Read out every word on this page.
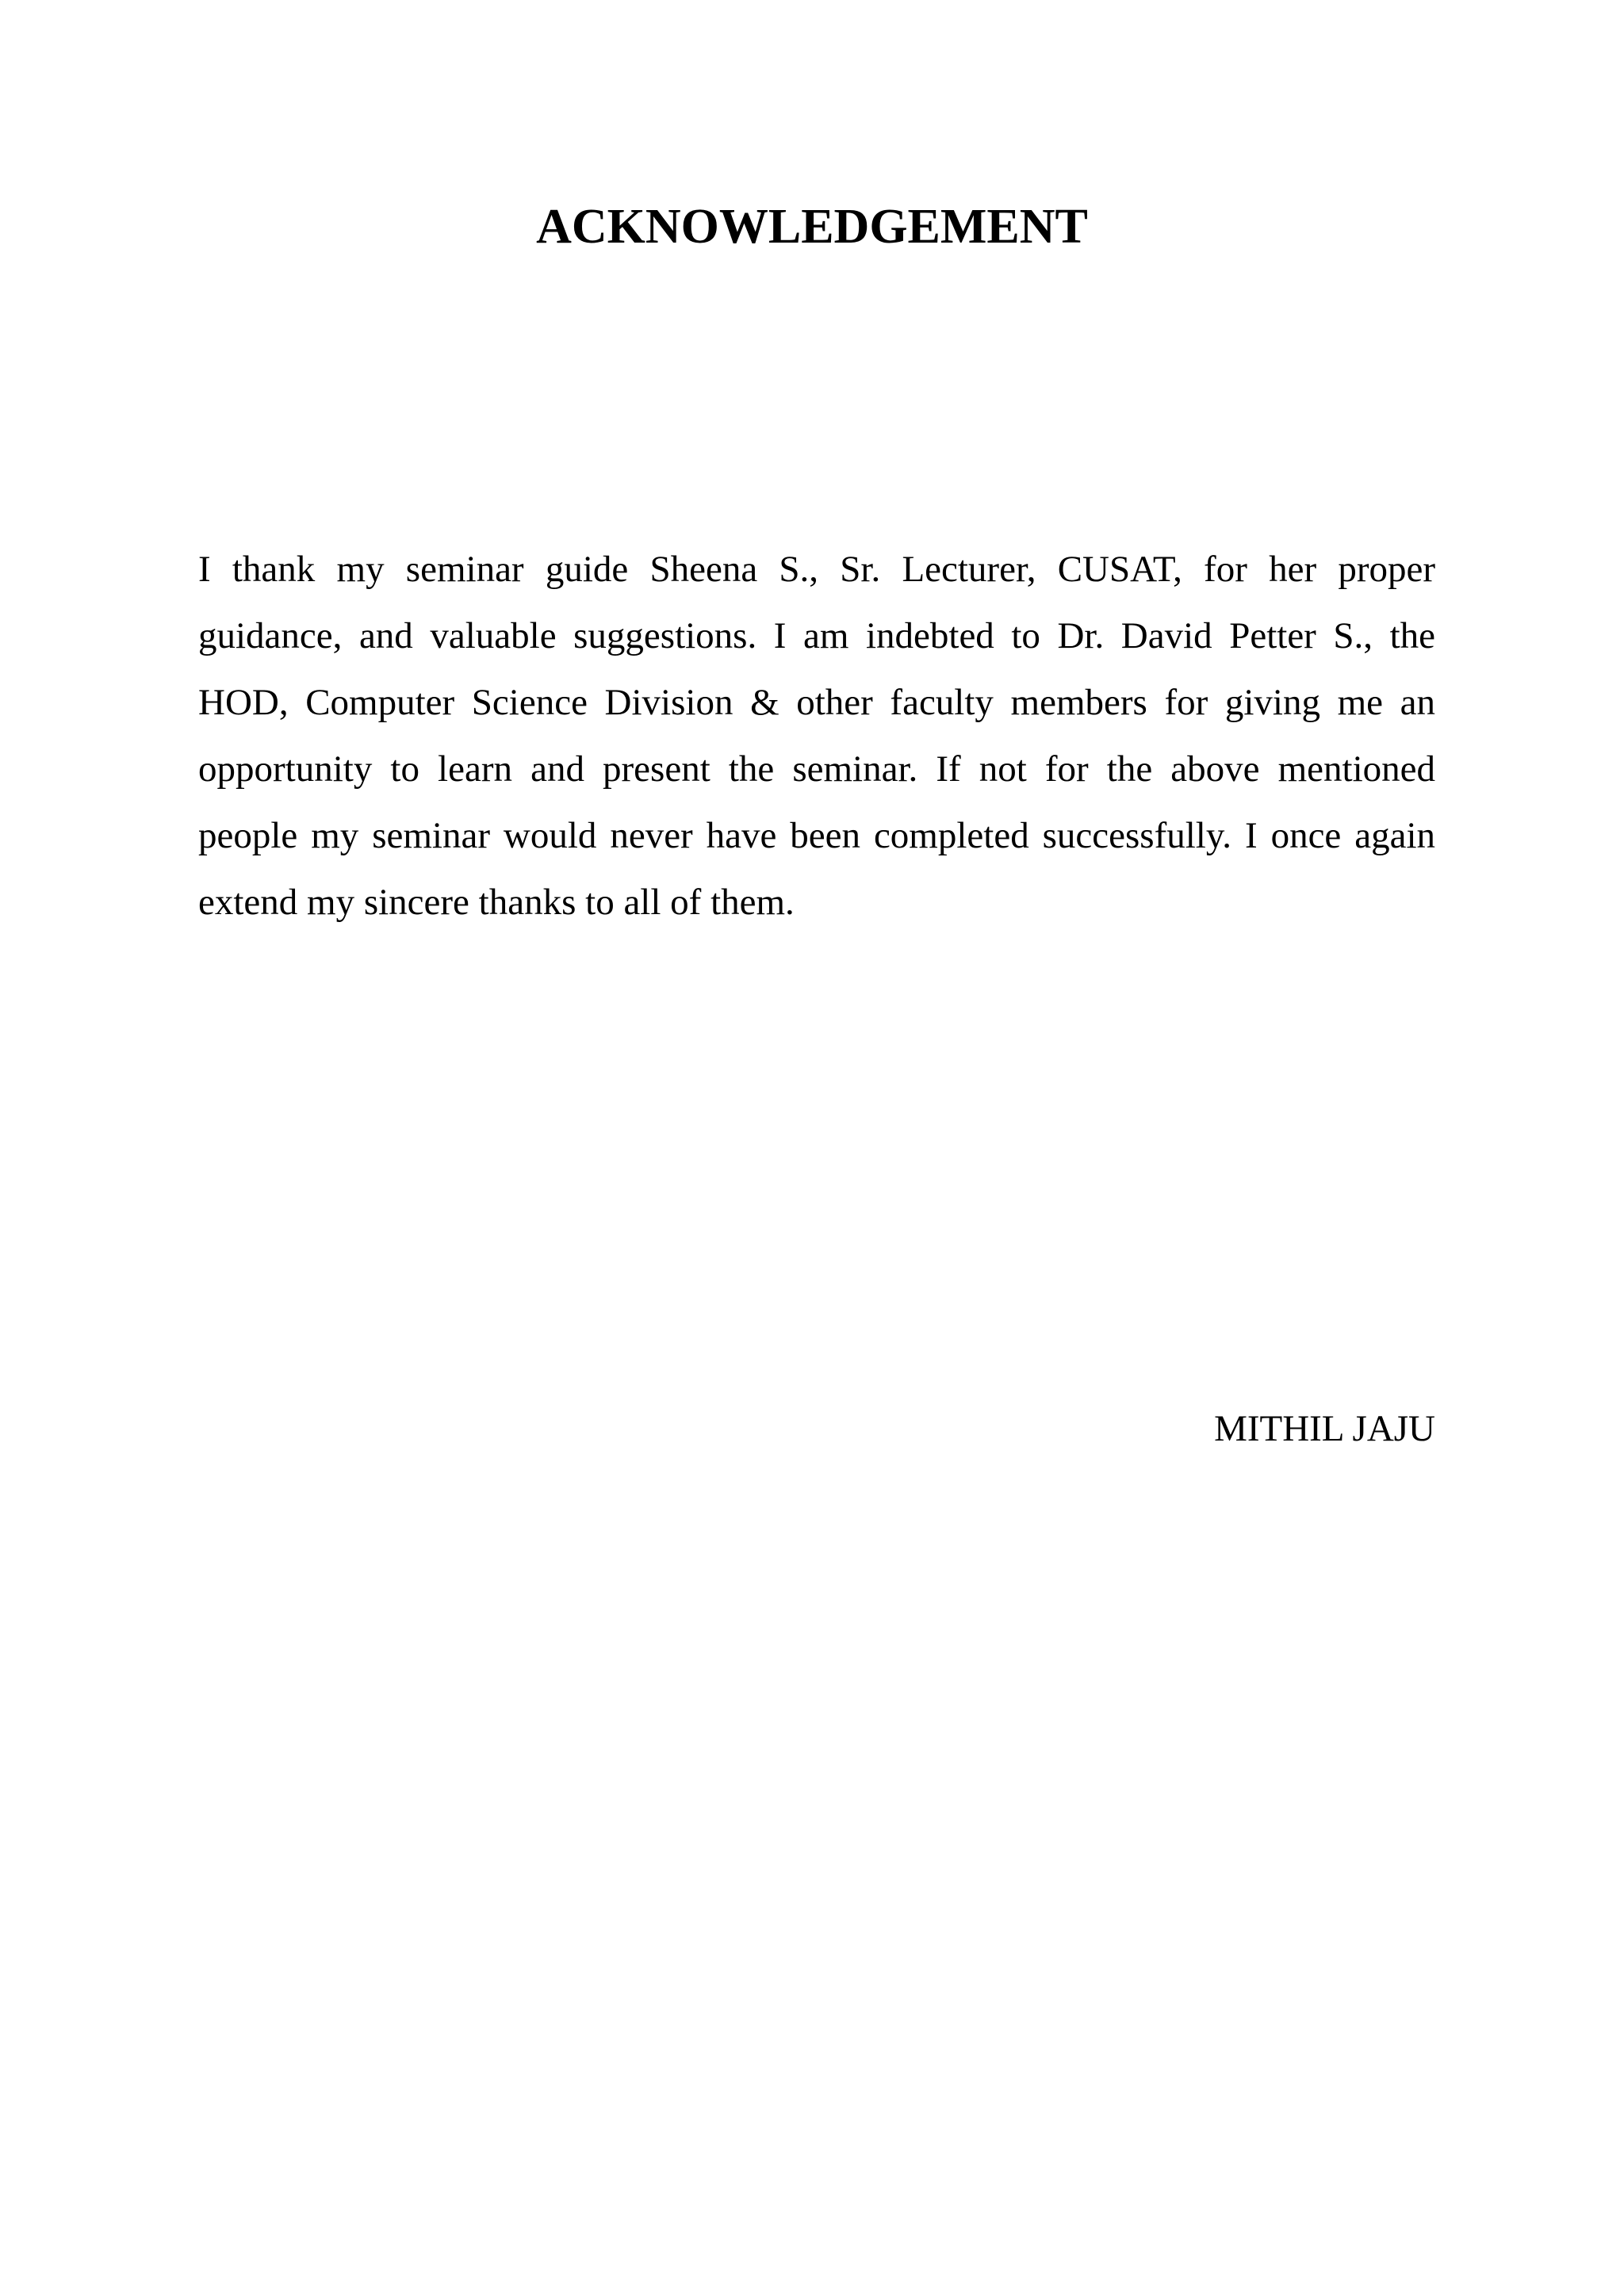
ACKNOWLEDGEMENT

I thank my seminar guide Sheena S., Sr. Lecturer, CUSAT, for her proper guidance, and valuable suggestions. I am indebted to Dr. David Petter S., the HOD, Computer Science Division & other faculty members for giving me an opportunity to learn and present the seminar. If not for the above mentioned people my seminar would never have been completed successfully. I once again extend my sincere thanks to all of them.

MITHIL JAJU
